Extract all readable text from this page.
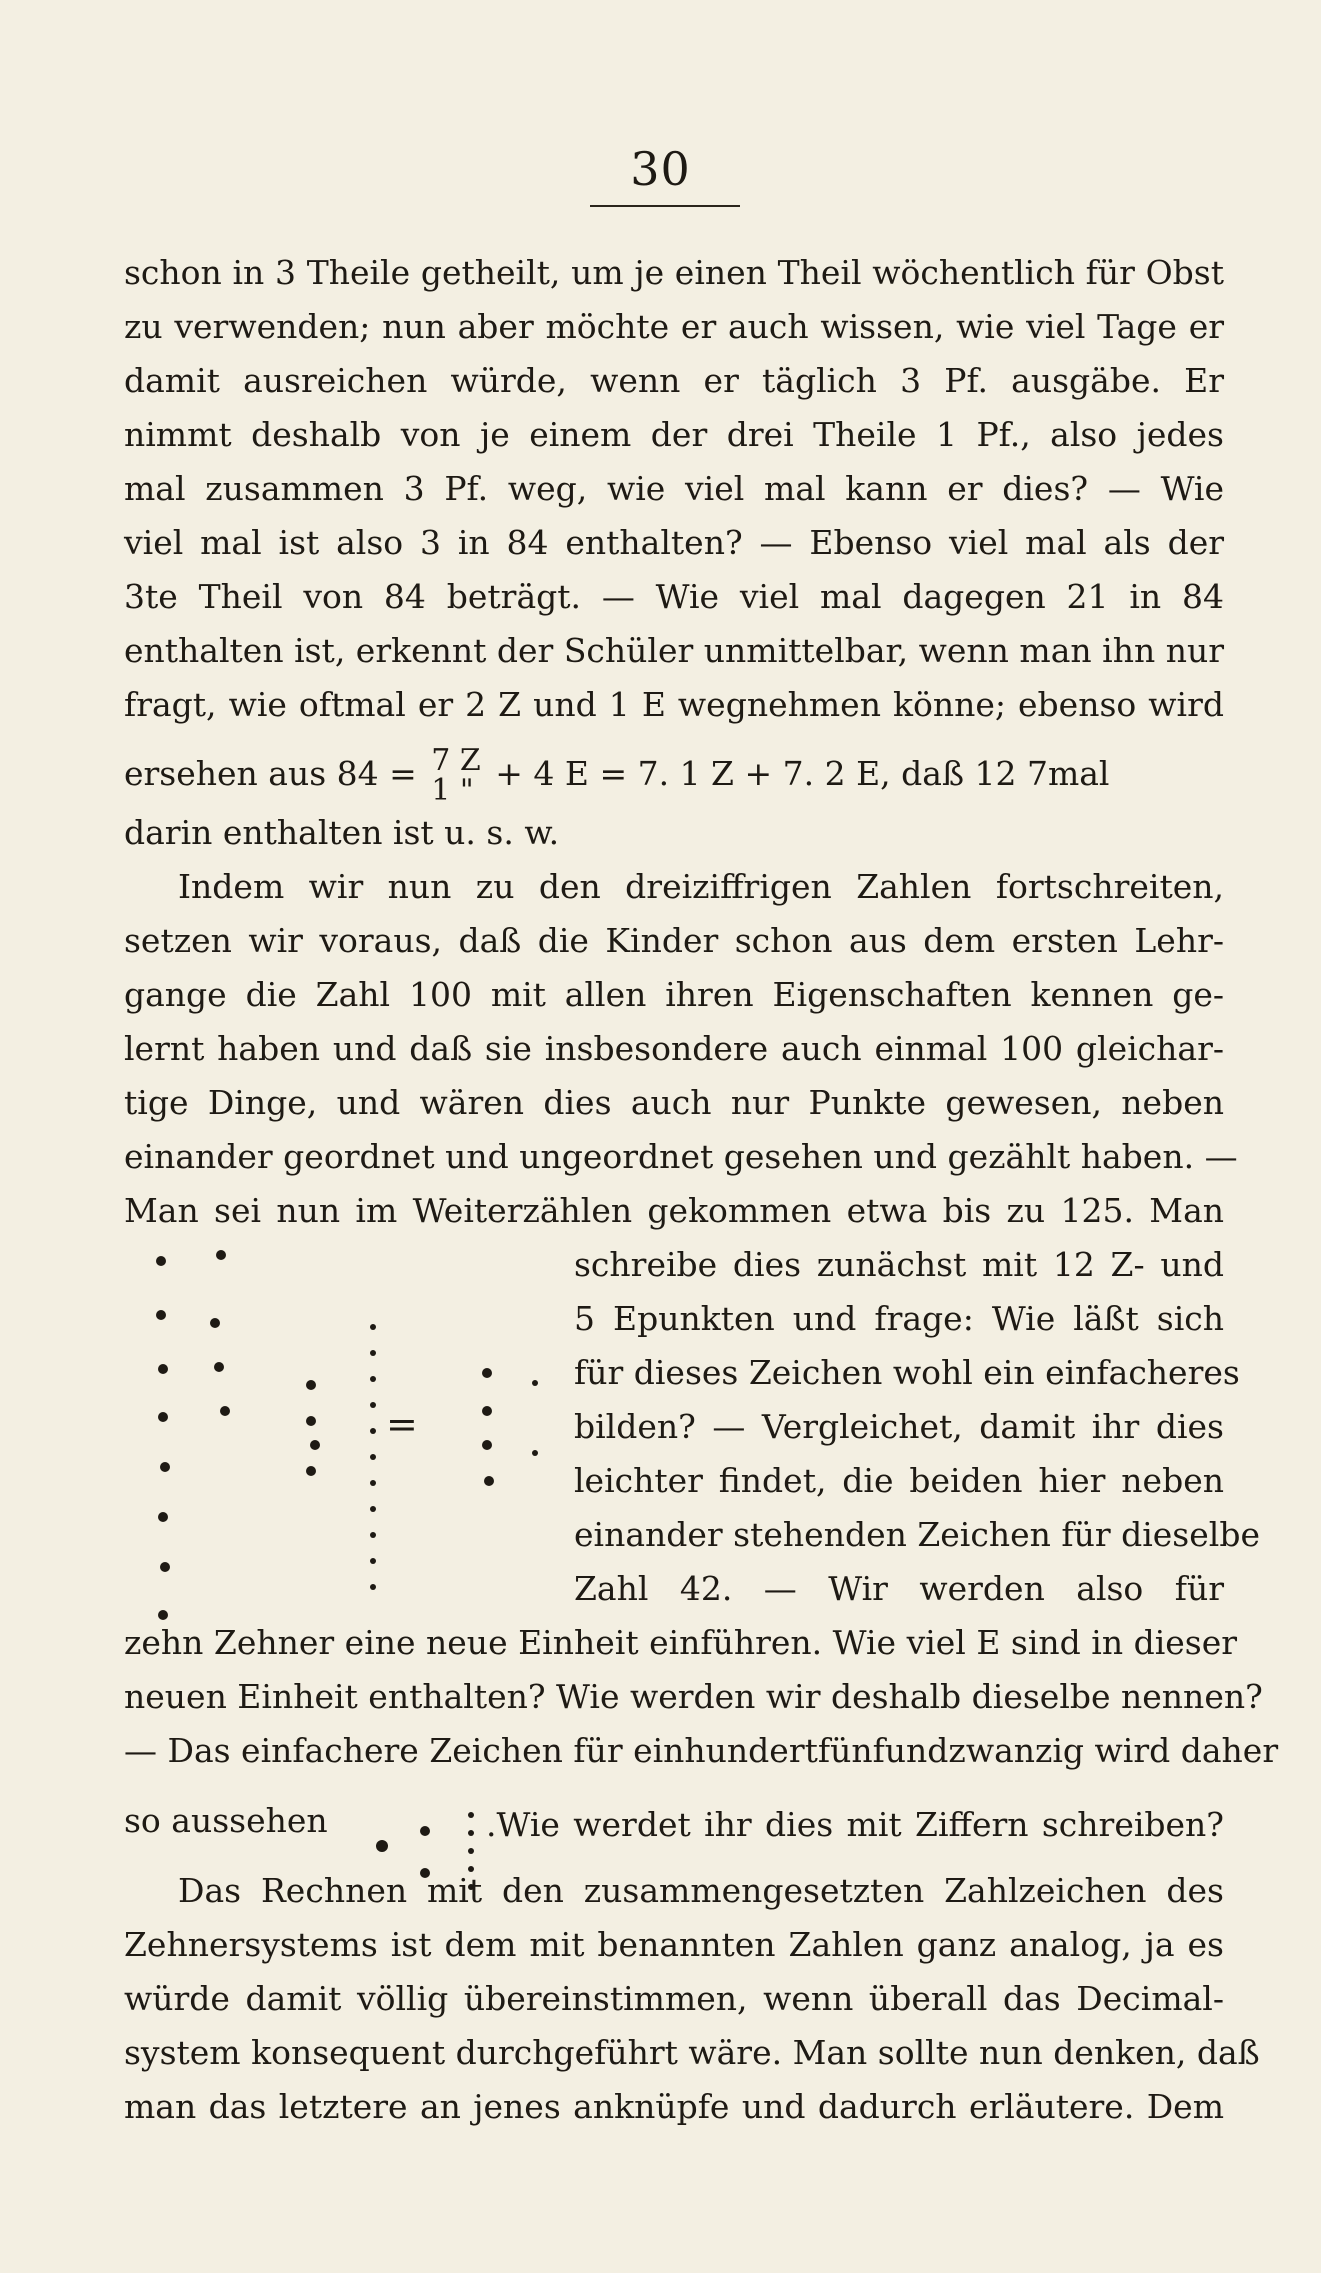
30
schon in 3 Theile getheilt, um je einen Theil wöchentlich für Obst
zu verwenden; nun aber möchte er auch wissen, wie viel Tage er
damit ausreichen würde, wenn er täglich 3 Pf. ausgäbe. Er
nimmt deshalb von je einem der drei Theile 1 Pf., also jedes
mal zusammen 3 Pf. weg, wie viel mal kann er dies? — Wie
viel mal ist also 3 in 84 enthalten? — Ebenso viel mal als der
3te Theil von 84 beträgt. — Wie viel mal dagegen 21 in 84
enthalten ist, erkennt der Schüler unmittelbar, wenn man ihn nur
fragt, wie oftmal er 2 Z und 1 E wegnehmen könne; ebenso wird
ersehen aus 84 = 7 Z
1 " + 4 E = 7. 1 Z + 7. 2 E, daß 12 7mal
darin enthalten ist u. s. w.
Indem wir nun zu den dreiziffrigen Zahlen fortschreiten,
setzen wir voraus, daß die Kinder schon aus dem ersten Lehr-
gange die Zahl 100 mit allen ihren Eigenschaften kennen ge-
lernt haben und daß sie insbesondere auch einmal 100 gleichar-
tige Dinge, und wären dies auch nur Punkte gewesen, neben
einander geordnet und ungeordnet gesehen und gezählt haben. —
Man sei nun im Weiterzählen gekommen etwa bis zu 125. Man
schreibe dies zunächst mit 12 Z- und
5 Epunkten und frage: Wie läßt sich
für dieses Zeichen wohl ein einfacheres
bilden? — Vergleichet, damit ihr dies
leichter findet, die beiden hier neben
einander stehenden Zeichen für dieselbe
Zahl 42. — Wir werden also für
=
zehn Zehner eine neue Einheit einführen. Wie viel E sind in dieser
neuen Einheit enthalten? Wie werden wir deshalb dieselbe nennen?
— Das einfachere Zeichen für einhundertfünfundzwanzig wird daher
so aussehen	.Wie werdet ihr dies mit Ziffern schreiben?
Das Rechnen mit den zusammengesetzten Zahlzeichen des
Zehnersystems ist dem mit benannten Zahlen ganz analog, ja es
würde damit völlig übereinstimmen, wenn überall das Decimal-
system konsequent durchgeführt wäre. Man sollte nun denken, daß
man das letztere an jenes anknüpfe und dadurch erläutere. Dem
